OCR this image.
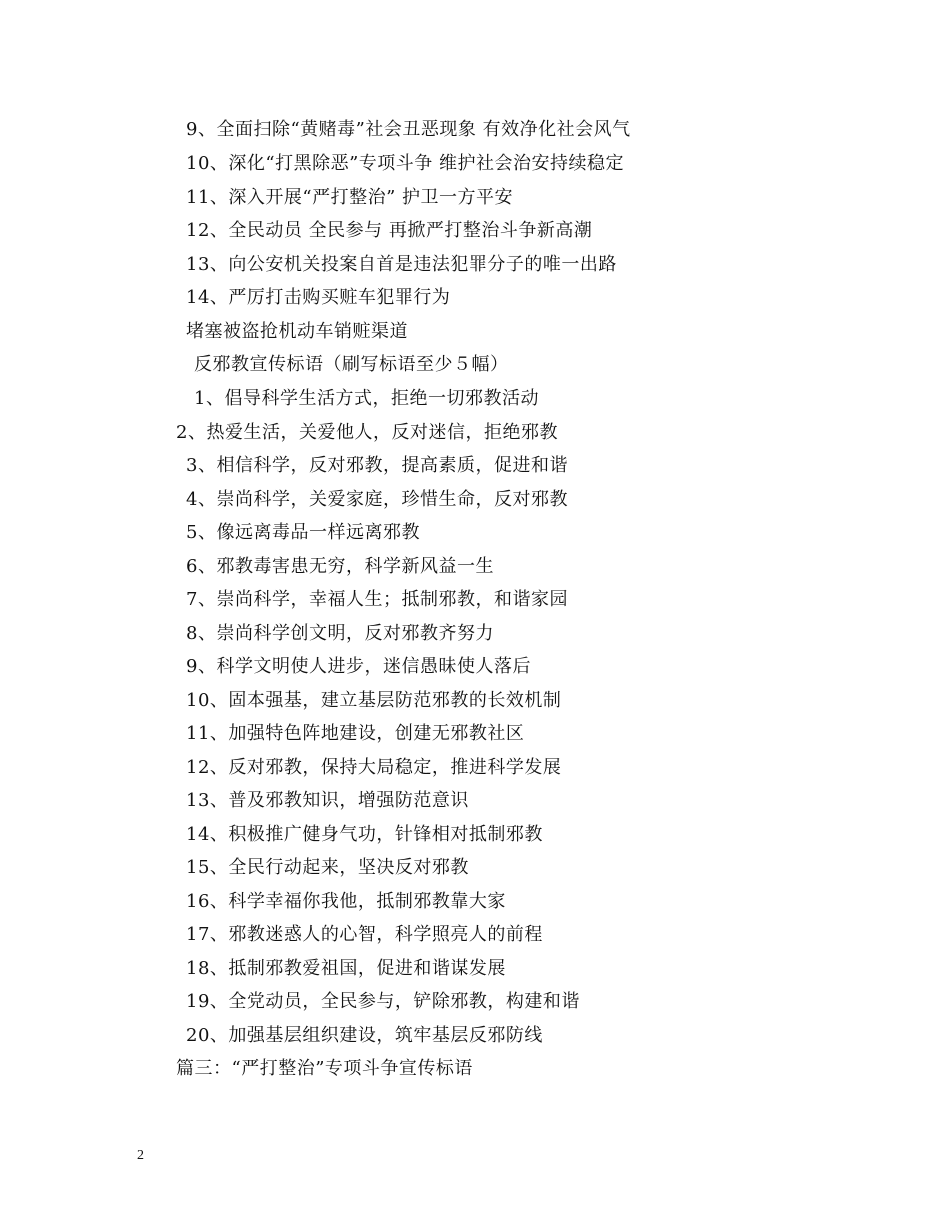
9、全面扫除“黄赌毒”社会丑恶现象 有效净化社会风气
10、深化“打黑除恶”专项斗争 维护社会治安持续稳定
11、深入开展“严打整治” 护卫一方平安
12、全民动员 全民参与 再掀严打整治斗争新高潮
13、向公安机关投案自首是违法犯罪分子的唯一出路
14、严厉打击购买赃车犯罪行为
堵塞被盗抢机动车销赃渠道
反邪教宣传标语（刷写标语至少５幅）
1、倡导科学生活方式，拒绝一切邪教活动
2、热爱生活，关爱他人，反对迷信，拒绝邪教
3、相信科学，反对邪教，提高素质，促进和谐
4、崇尚科学，关爱家庭，珍惜生命，反对邪教
5、像远离毒品一样远离邪教
6、邪教毒害患无穷，科学新风益一生
7、崇尚科学，幸福人生；抵制邪教，和谐家园
8、崇尚科学创文明，反对邪教齐努力
9、科学文明使人进步，迷信愚昧使人落后
10、固本强基，建立基层防范邪教的长效机制
11、加强特色阵地建设，创建无邪教社区
12、反对邪教，保持大局稳定，推进科学发展
13、普及邪教知识，增强防范意识
14、积极推广健身气功，针锋相对抵制邪教
15、全民行动起来，坚决反对邪教
16、科学幸福你我他，抵制邪教靠大家
17、邪教迷惑人的心智，科学照亮人的前程
18、抵制邪教爱祖国，促进和谐谋发展
19、全党动员，全民参与，铲除邪教，构建和谐
20、加强基层组织建设，筑牢基层反邪防线
篇三：“严打整治”专项斗争宣传标语
2
